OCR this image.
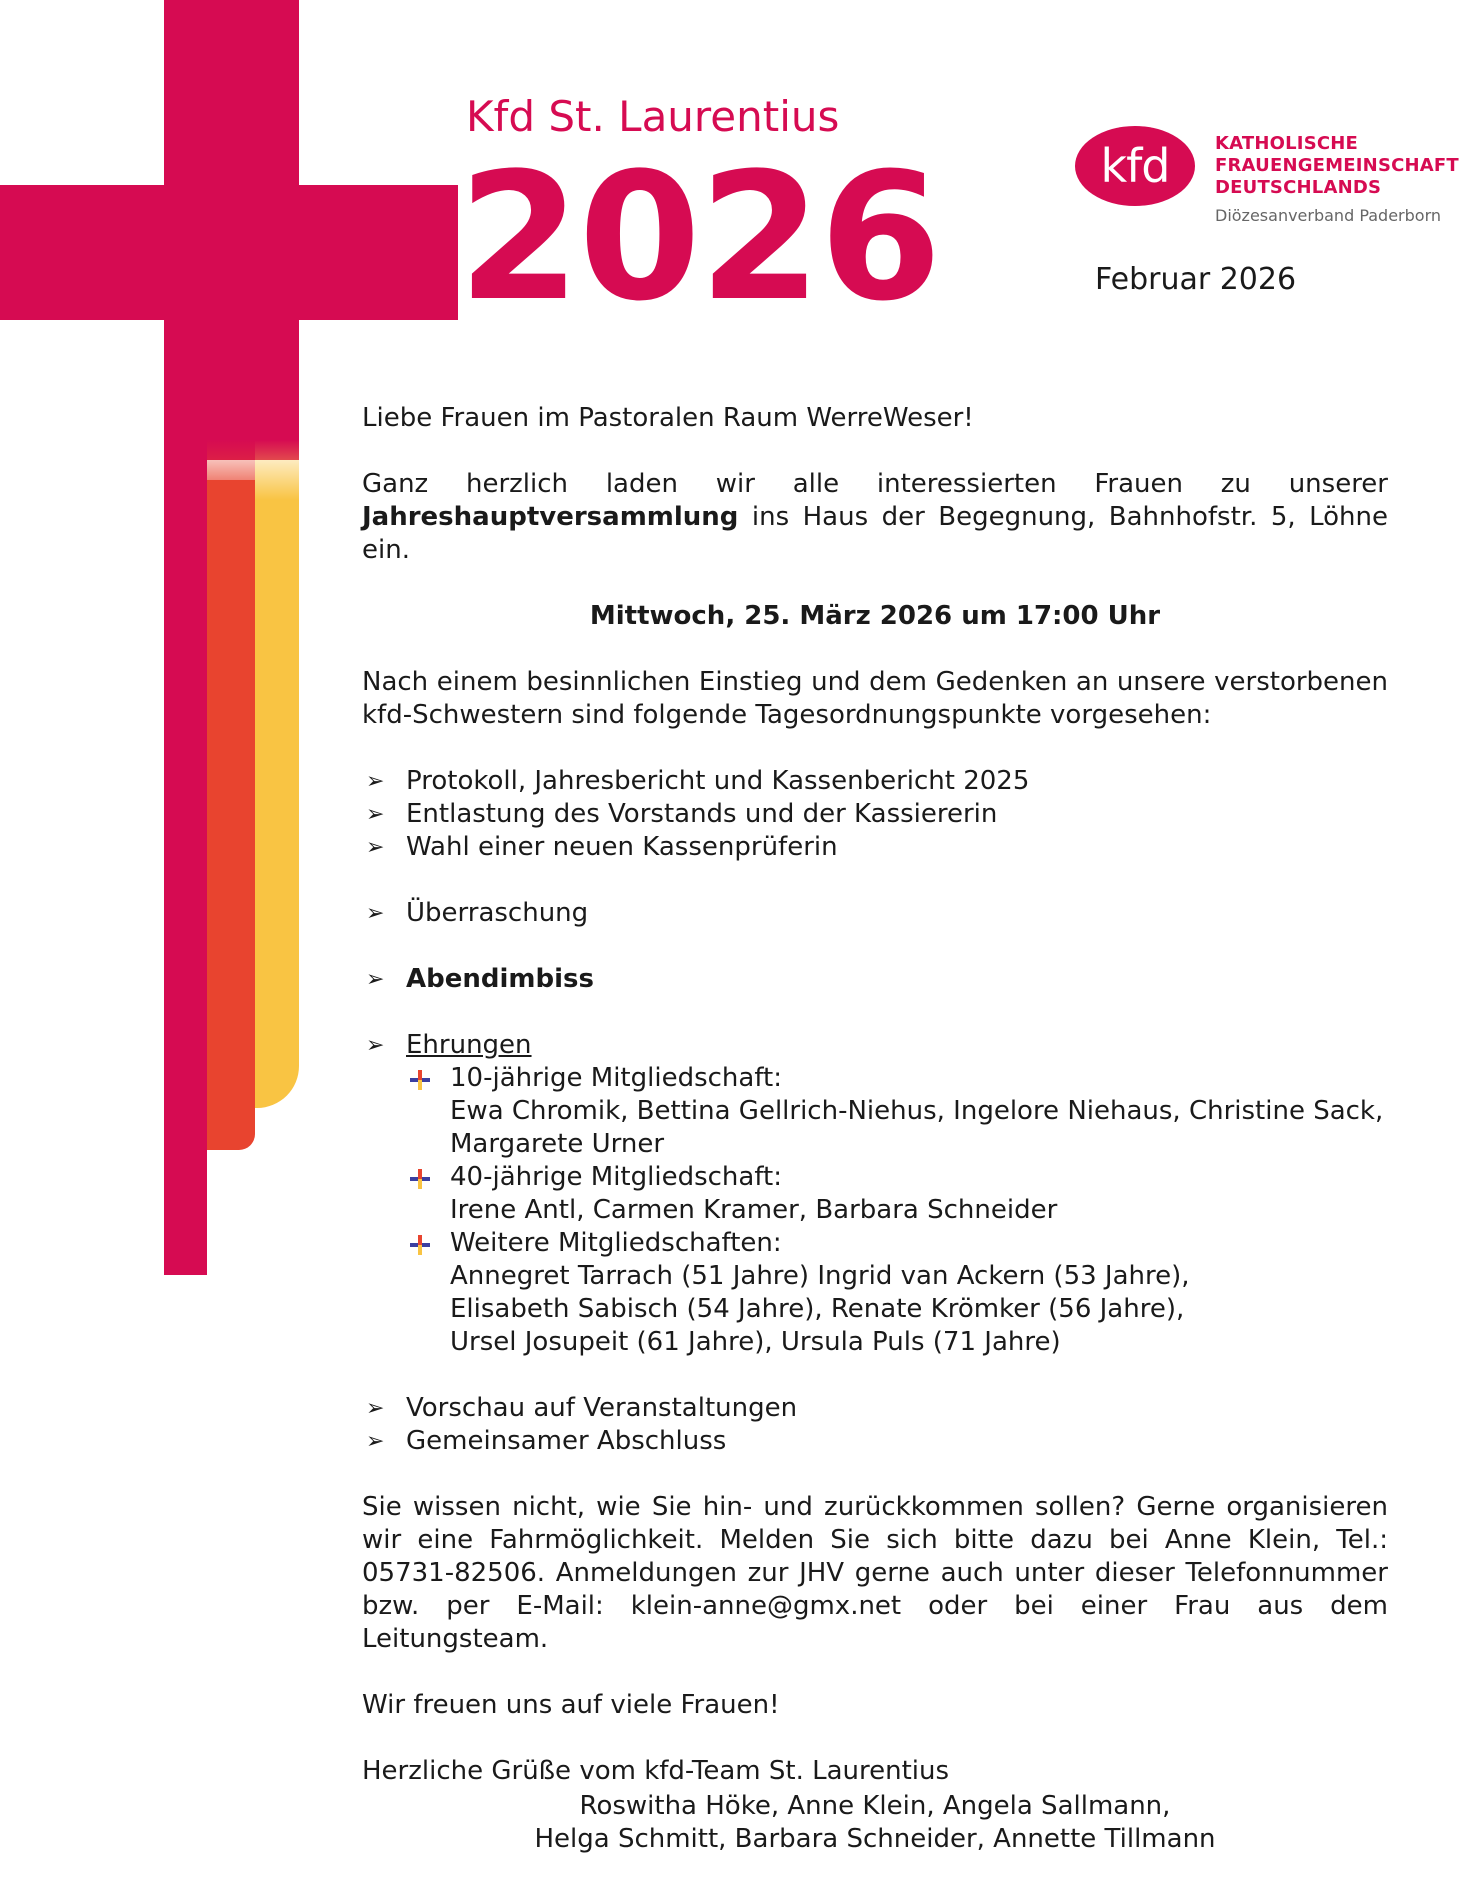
Kfd St. Laurentius
2026	Februar 2026
kfd	KATHOLISCHE
FRAUENGEMEINSCHAFT
DEUTSCHLANDS
Diözesanverband Paderborn

Liebe Frauen im Pastoralen Raum WerreWeser!

Ganz herzlich laden wir alle interessierten Frauen zu unserer Jahreshauptversammlung ins Haus der Begegnung, Bahnhofstr. 5, Löhne ein.

Mittwoch, 25. März 2026 um 17:00 Uhr

Nach einem besinnlichen Einstieg und dem Gedenken an unsere verstorbenen kfd-Schwestern sind folgende Tagesordnungspunkte vorgesehen:

➢ Protokoll, Jahresbericht und Kassenbericht 2025
➢ Entlastung des Vorstands und der Kassiererin
➢ Wahl einer neuen Kassenprüferin
➢ Überraschung
➢ Abendimbiss
➢ Ehrungen
10-jährige Mitgliedschaft:
Ewa Chromik, Bettina Gellrich-Niehus, Ingelore Niehaus, Christine Sack, Margarete Urner
40-jährige Mitgliedschaft:
Irene Antl, Carmen Kramer, Barbara Schneider
Weitere Mitgliedschaften:
Annegret Tarrach (51 Jahre) Ingrid van Ackern (53 Jahre),
Elisabeth Sabisch (54 Jahre), Renate Krömker (56 Jahre),
Ursel Josupeit (61 Jahre), Ursula Puls (71 Jahre)
➢ Vorschau auf Veranstaltungen
➢ Gemeinsamer Abschluss

Sie wissen nicht, wie Sie hin- und zurückkommen sollen? Gerne organisieren wir eine Fahrmöglichkeit. Melden Sie sich bitte dazu bei Anne Klein, Tel.: 05731-82506. Anmeldungen zur JHV gerne auch unter dieser Telefonnummer bzw. per E-Mail: klein-anne@gmx.net oder bei einer Frau aus dem Leitungsteam.

Wir freuen uns auf viele Frauen!

Herzliche Grüße vom kfd-Team St. Laurentius

Roswitha Höke, Anne Klein, Angela Sallmann,
Helga Schmitt, Barbara Schneider, Annette Tillmann
